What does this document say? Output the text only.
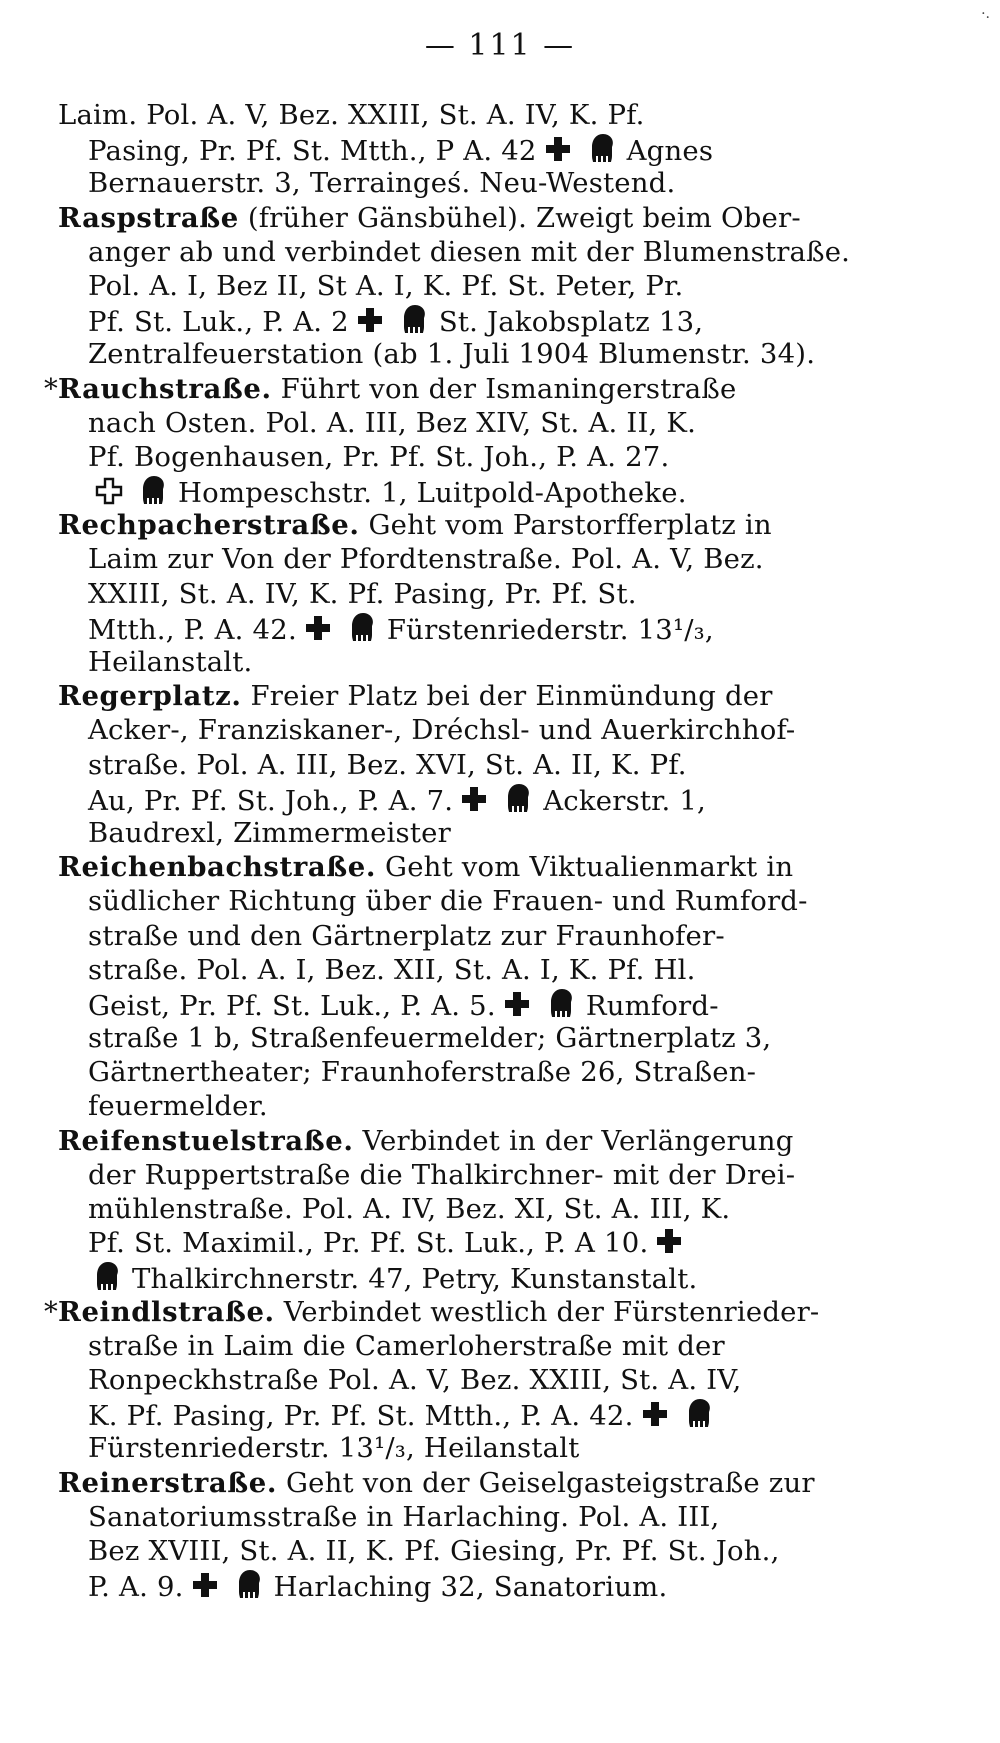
·.
— 111 —
Laim. Pol. A. V, Bez. XXIII, St. A. IV, K. Pf.
Pasing, Pr. Pf. St. Mtth., P A. 42	Agnes
Bernauerstr. 3, Terraingeś. Neu-Westend.
Raspstraße (früher Gänsbühel). Zweigt beim Ober-
anger ab und verbindet diesen mit der Blumenstraße.
Pol. A. I, Bez II, St A. I, K. Pf. St. Peter, Pr.
Pf. St. Luk., P. A. 2	St. Jakobsplatz 13,
Zentralfeuerstation (ab 1. Juli 1904 Blumenstr. 34).
*Rauchstraße. Führt von der Ismaningerstraße
nach Osten. Pol. A. III, Bez XIV, St. A. II, K.
Pf. Bogenhausen, Pr. Pf. St. Joh., P. A. 27.
Hompeschstr. 1, Luitpold-Apotheke.
Rechpacherstraße. Geht vom Parstorfferplatz in
Laim zur Von der Pfordtenstraße. Pol. A. V, Bez.
XXIII, St. A. IV, K. Pf. Pasing, Pr. Pf. St.
Mtth., P. A. 42.	Fürstenriederstr. 13¹/₃,
Heilanstalt.
Regerplatz. Freier Platz bei der Einmündung der
Acker-, Franziskaner-, Dréchsl- und Auerkirchhof-
straße. Pol. A. III, Bez. XVI, St. A. II, K. Pf.
Au, Pr. Pf. St. Joh., P. A. 7.	Ackerstr. 1,
Baudrexl, Zimmermeister
Reichenbachstraße. Geht vom Viktualienmarkt in
südlicher Richtung über die Frauen- und Rumford-
straße und den Gärtnerplatz zur Fraunhofer-
straße. Pol. A. I, Bez. XII, St. A. I, K. Pf. Hl.
Geist, Pr. Pf. St. Luk., P. A. 5.	Rumford-
straße 1 b, Straßenfeuermelder; Gärtnerplatz 3,
Gärtnertheater; Fraunhoferstraße 26, Straßen-
feuermelder.
Reifenstuelstraße. Verbindet in der Verlängerung
der Ruppertstraße die Thalkirchner- mit der Drei-
mühlenstraße. Pol. A. IV, Bez. XI, St. A. III, K.
Pf. St. Maximil., Pr. Pf. St. Luk., P. A 10.
Thalkirchnerstr. 47, Petry, Kunstanstalt.
*Reindlstraße. Verbindet westlich der Fürstenrieder-
straße in Laim die Camerloherstraße mit der
Ronpeckhstraße Pol. A. V, Bez. XXIII, St. A. IV,
K. Pf. Pasing, Pr. Pf. St. Mtth., P. A. 42.
Fürstenriederstr. 13¹/₃, Heilanstalt
Reinerstraße. Geht von der Geiselgasteigstraße zur
Sanatoriumsstraße in Harlaching. Pol. A. III,
Bez XVIII, St. A. II, K. Pf. Giesing, Pr. Pf. St. Joh.,
P. A. 9.	Harlaching 32, Sanatorium.
